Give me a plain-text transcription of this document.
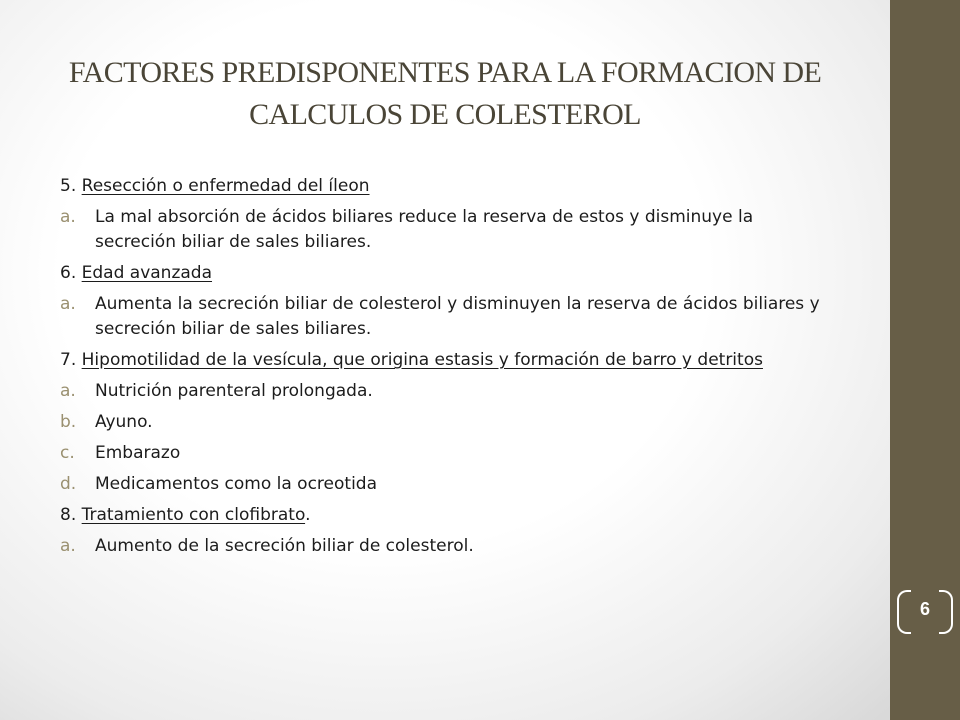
FACTORES PREDISPONENTES PARA LA FORMACION DE
CALCULOS DE COLESTEROL
5. Resección o enfermedad del íleon
a. La mal absorción de ácidos biliares reduce la reserva de estos y disminuye la secreción biliar de sales biliares.
6. Edad avanzada
a. Aumenta la secreción biliar de colesterol y disminuyen la reserva de ácidos biliares y secreción biliar de sales biliares.
7. Hipomotilidad de la vesícula, que origina estasis y formación de barro y detritos
a. Nutrición parenteral prolongada.
b. Ayuno.
c. Embarazo
d. Medicamentos como la ocreotida
8. Tratamiento con clofibrato.
a. Aumento de la secreción biliar de colesterol.
6
